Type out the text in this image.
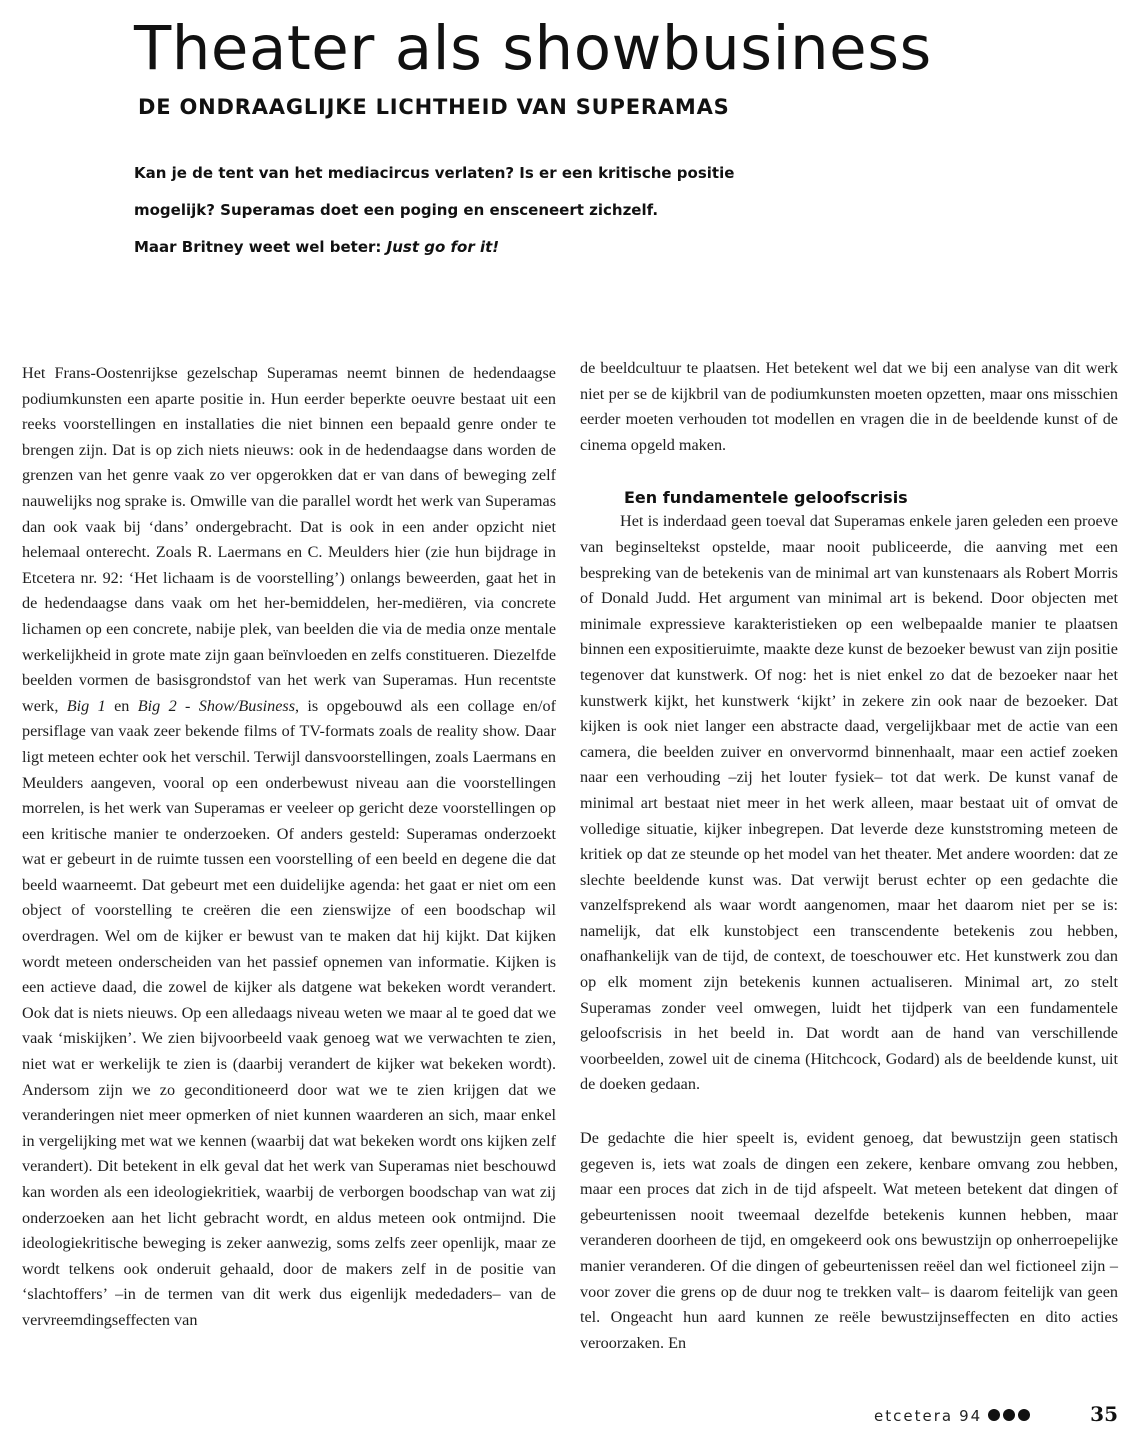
Theater als showbusiness
DE ONDRAAGLIJKE LICHTHEID VAN SUPERAMAS

Kan je de tent van het mediacircus verlaten? Is er een kritische positie

mogelijk? Superamas doet een poging en ensceneert zichzelf.

Maar Britney weet wel beter: Just go for it!

Het Frans-Oostenrijkse gezelschap Superamas neemt binnen de hedendaagse podiumkunsten een aparte positie in. Hun eerder beperkte oeuvre bestaat uit een reeks voorstellingen en installaties die niet binnen een bepaald genre onder te brengen zijn. Dat is op zich niets nieuws: ook in de hedendaagse dans worden de grenzen van het genre vaak zo ver opgerokken dat er van dans of beweging zelf nauwelijks nog sprake is. Omwille van die parallel wordt het werk van Superamas dan ook vaak bij ‘dans’ ondergebracht. Dat is ook in een ander opzicht niet helemaal onterecht. Zoals R. Laermans en C. Meulders hier (zie hun bijdrage in Etcetera nr. 92: ‘Het lichaam is de voorstelling’) onlangs beweerden, gaat het in de hedendaagse dans vaak om het her-bemiddelen, her-mediëren, via concrete lichamen op een concrete, nabije plek, van beelden die via de media onze mentale werkelijkheid in grote mate zijn gaan beïnvloeden en zelfs constitueren. Diezelfde beelden vormen de basisgrondstof van het werk van Superamas. Hun recentste werk, Big 1 en Big 2 - Show/Business, is opgebouwd als een collage en/of persiflage van vaak zeer bekende films of TV-formats zoals de reality show. Daar ligt meteen echter ook het verschil. Terwijl dansvoorstellingen, zoals Laermans en Meulders aangeven, vooral op een onderbewust niveau aan die voorstellingen morrelen, is het werk van Superamas er veeleer op gericht deze voorstellingen op een kritische manier te onderzoeken. Of anders gesteld: Superamas onderzoekt wat er gebeurt in de ruimte tussen een voorstelling of een beeld en degene die dat beeld waarneemt. Dat gebeurt met een duidelijke agenda: het gaat er niet om een object of voorstelling te creëren die een zienswijze of een boodschap wil overdragen. Wel om de kijker er bewust van te maken dat hij kijkt. Dat kijken wordt meteen onderscheiden van het passief opnemen van informatie. Kijken is een actieve daad, die zowel de kijker als datgene wat bekeken wordt verandert. Ook dat is niets nieuws. Op een alledaags niveau weten we maar al te goed dat we vaak ‘miskijken’. We zien bijvoorbeeld vaak genoeg wat we verwachten te zien, niet wat er werkelijk te zien is (daarbij verandert de kijker wat bekeken wordt). Andersom zijn we zo geconditioneerd door wat we te zien krijgen dat we veranderingen niet meer opmerken of niet kunnen waarderen an sich, maar enkel in vergelijking met wat we kennen (waarbij dat wat bekeken wordt ons kijken zelf verandert). Dit betekent in elk geval dat het werk van Superamas niet beschouwd kan worden als een ideologiekritiek, waarbij de verborgen boodschap van wat zij onderzoeken aan het licht gebracht wordt, en aldus meteen ook ontmijnd. Die ideologiekritische beweging is zeker aanwezig, soms zelfs zeer openlijk, maar ze wordt telkens ook onderuit gehaald, door de makers zelf in de positie van ‘slachtoffers’ –in de termen van dit werk dus eigenlijk mededaders– van de vervreemdingseffecten van

de beeldcultuur te plaatsen. Het betekent wel dat we bij een analyse van dit werk niet per se de kijkbril van de podiumkunsten moeten opzetten, maar ons misschien eerder moeten verhouden tot modellen en vragen die in de beeldende kunst of de cinema opgeld maken.

Een fundamentele geloofscrisis

Het is inderdaad geen toeval dat Superamas enkele jaren geleden een proeve van beginseltekst opstelde, maar nooit publiceerde, die aanving met een bespreking van de betekenis van de minimal art van kunstenaars als Robert Morris of Donald Judd. Het argument van minimal art is bekend. Door objecten met minimale expressieve karakteristieken op een welbepaalde manier te plaatsen binnen een expositieruimte, maakte deze kunst de bezoeker bewust van zijn positie tegenover dat kunstwerk. Of nog: het is niet enkel zo dat de bezoeker naar het kunstwerk kijkt, het kunstwerk ‘kijkt’ in zekere zin ook naar de bezoeker. Dat kijken is ook niet langer een abstracte daad, vergelijkbaar met de actie van een camera, die beelden zuiver en onvervormd binnenhaalt, maar een actief zoeken naar een verhouding –zij het louter fysiek– tot dat werk. De kunst vanaf de minimal art bestaat niet meer in het werk alleen, maar bestaat uit of omvat de volledige situatie, kijker inbegrepen. Dat leverde deze kunststroming meteen de kritiek op dat ze steunde op het model van het theater. Met andere woorden: dat ze slechte beeldende kunst was. Dat verwijt berust echter op een gedachte die vanzelfsprekend als waar wordt aangenomen, maar het daarom niet per se is: namelijk, dat elk kunstobject een transcendente betekenis zou hebben, onafhankelijk van de tijd, de context, de toeschouwer etc. Het kunstwerk zou dan op elk moment zijn betekenis kunnen actualiseren. Minimal art, zo stelt Superamas zonder veel omwegen, luidt het tijdperk van een fundamentele geloofscrisis in het beeld in. Dat wordt aan de hand van verschillende voorbeelden, zowel uit de cinema (Hitchcock, Godard) als de beeldende kunst, uit de doeken gedaan.

De gedachte die hier speelt is, evident genoeg, dat bewustzijn geen statisch gegeven is, iets wat zoals de dingen een zekere, kenbare omvang zou hebben, maar een proces dat zich in de tijd afspeelt. Wat meteen betekent dat dingen of gebeurtenissen nooit tweemaal dezelfde betekenis kunnen hebben, maar veranderen doorheen de tijd, en omgekeerd ook ons bewustzijn op onherroepelijke manier veranderen. Of die dingen of gebeurtenissen reëel dan wel fictioneel zijn –voor zover die grens op de duur nog te trekken valt– is daarom feitelijk van geen tel. Ongeacht hun aard kunnen ze reële bewustzijnseffecten en dito acties veroorzaken. En

etcetera 94	35
